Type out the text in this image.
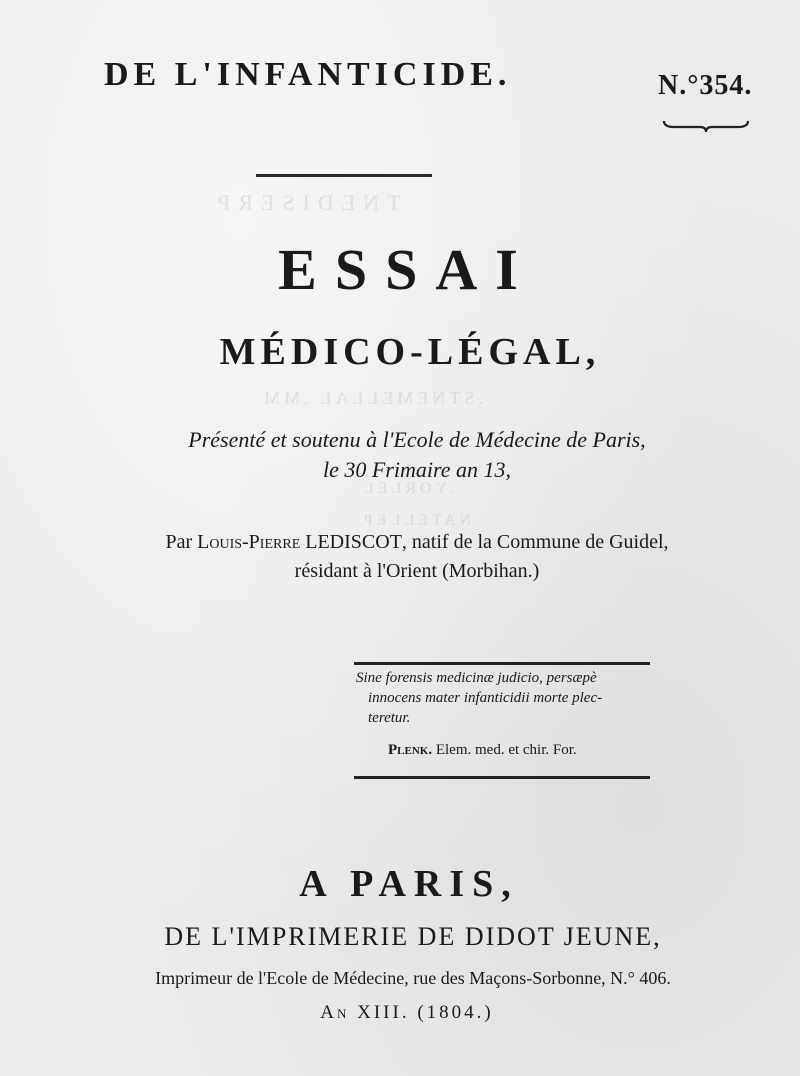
TNEDISERP
.STNEMELLAL .MM
.YORLEL
NATELLEP
DE L'INFANTICIDE.	N.°354.
ESSAI
MÉDICO-LÉGAL,
Présenté et soutenu à l'Ecole de Médecine de Paris,
le 30 Frimaire an 13,
Par Louis-Pierre LEDISCOT, natif de la Commune de Guidel,
résidant à l'Orient (Morbihan.)
Sine forensis medicinæ judicio, persæpè
innocens mater infanticidii morte plec-
teretur.
Plenk. Elem. med. et chir. For.
A PARIS,
DE L'IMPRIMERIE DE DIDOT JEUNE,
Imprimeur de l'Ecole de Médecine, rue des Maçons-Sorbonne, N.° 406.
An XIII. (1804.)
